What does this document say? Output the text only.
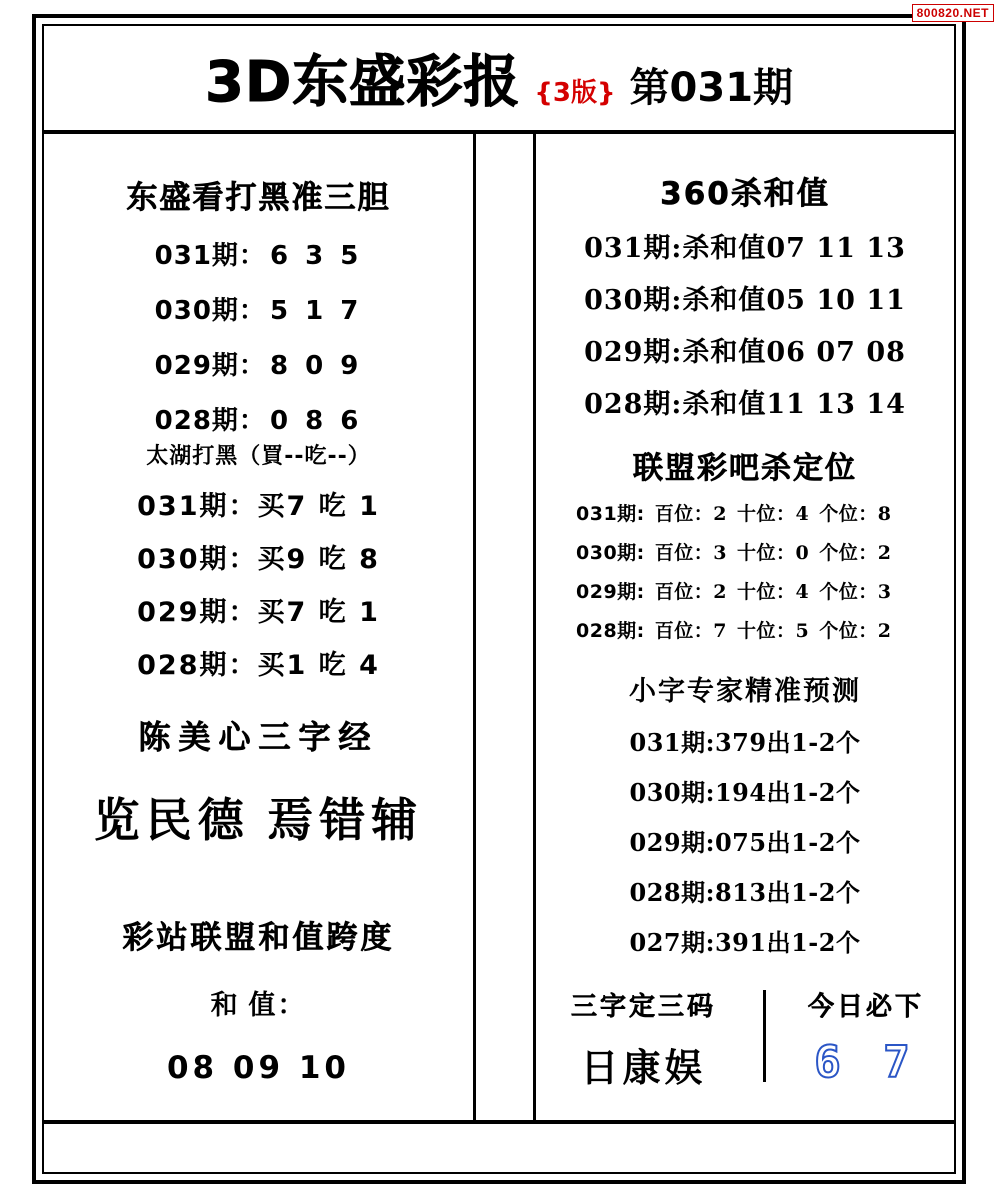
800820.NET
3D东盛彩报 {3版} 第031期
东盛看打黑准三胆
031期： 6 3 5
030期： 5 1 7
029期： 8 0 9
028期： 0 8 6
太湖打黑（買--吃--）
031期：买7 吃 1
030期：买9 吃 8
029期：买7 吃 1
028期：买1 吃 4
陈美心三字经
览民德 焉错辅
彩站联盟和值跨度
和 值：
08 09 10
360杀和值
031期:杀和值07 11 13
030期:杀和值05 10 11
029期:杀和值06 07 08
028期:杀和值11 13 14
联盟彩吧杀定位
031期: 百位： 2 十位： 4 个位： 8
030期: 百位： 3 十位： 0 个位： 2
029期: 百位： 2 十位： 4 个位： 3
028期: 百位： 7 十位： 5 个位： 2
小字专家精准预测
031期:379出1-2个
030期:194出1-2个
029期:075出1-2个
028期:813出1-2个
027期:391出1-2个
三字定三码
日康娱
今日必下
6 7
